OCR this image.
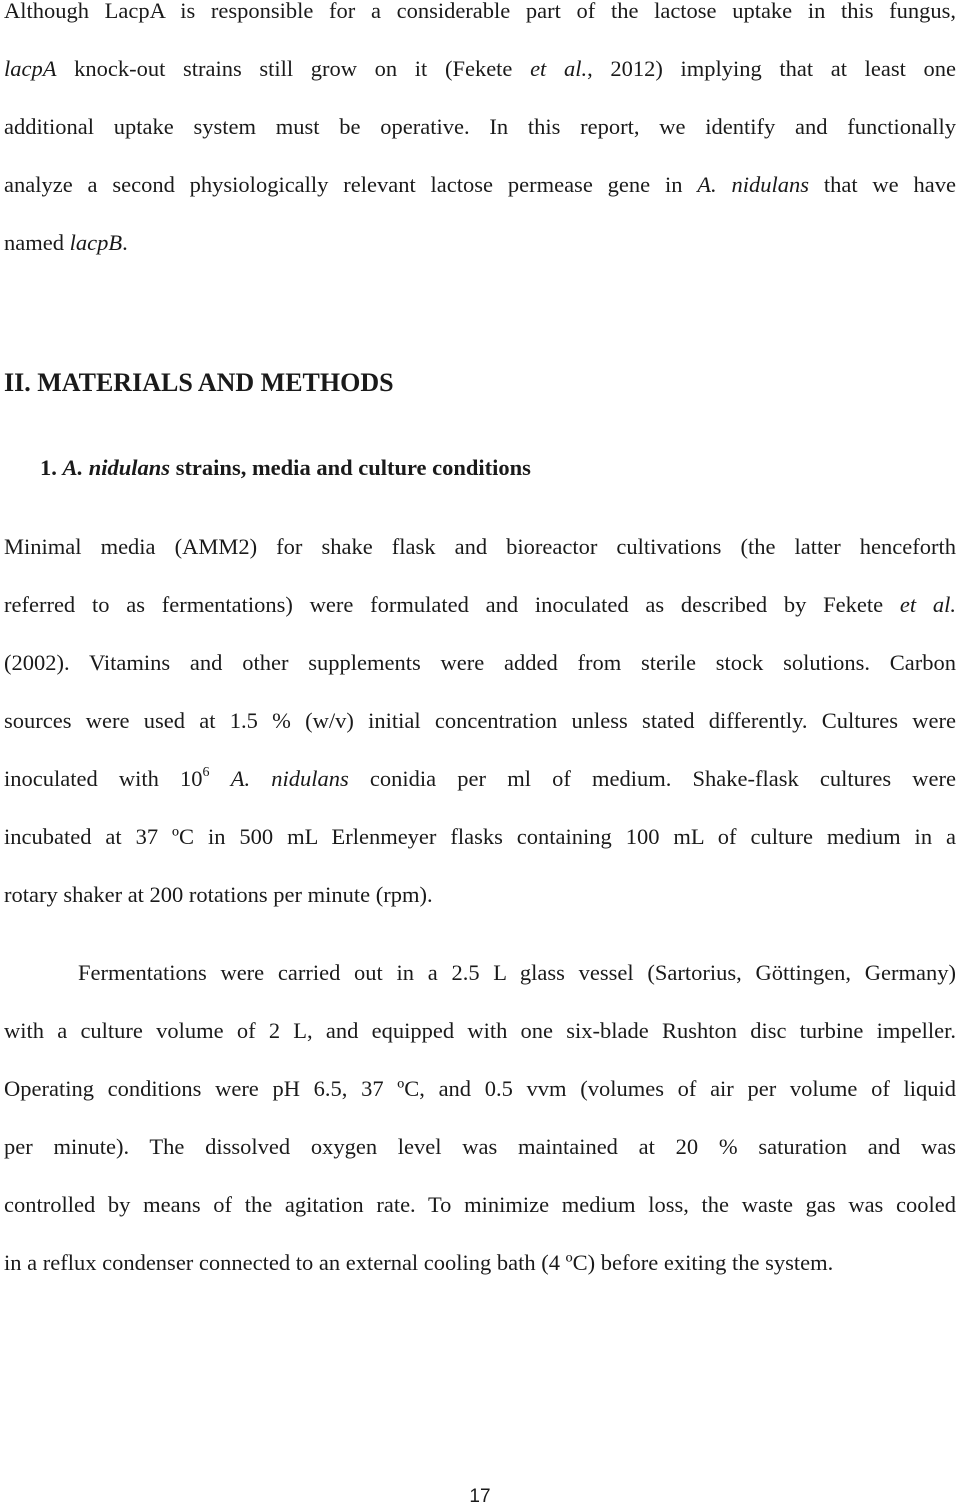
Although LacpA is responsible for a considerable part of the lactose uptake in this fungus,
lacpA knock-out strains still grow on it (Fekete et al., 2012) implying that at least one
additional uptake system must be operative. In this report, we identify and functionally
analyze a second physiologically relevant lactose permease gene in A. nidulans that we have
named lacpB.
II. MATERIALS AND METHODS
1. A. nidulans strains, media and culture conditions
Minimal media (AMM2) for shake flask and bioreactor cultivations (the latter henceforth
referred to as fermentations) were formulated and inoculated as described by Fekete et al.
(2002). Vitamins and other supplements were added from sterile stock solutions. Carbon
sources were used at 1.5 % (w/v) initial concentration unless stated differently. Cultures were
inoculated with $10^6$ A. nidulans conidia per ml of medium. Shake-flask cultures were
incubated at 37 ºC in 500 mL Erlenmeyer flasks containing 100 mL of culture medium in a
rotary shaker at 200 rotations per minute (rpm).
Fermentations were carried out in a 2.5 L glass vessel (Sartorius, Göttingen, Germany)
with a culture volume of 2 L, and equipped with one six-blade Rushton disc turbine impeller.
Operating conditions were pH 6.5, 37 ºC, and 0.5 vvm (volumes of air per volume of liquid
per minute). The dissolved oxygen level was maintained at 20 % saturation and was
controlled by means of the agitation rate. To minimize medium loss, the waste gas was cooled
in a reflux condenser connected to an external cooling bath (4 ºC) before exiting the system.
17
